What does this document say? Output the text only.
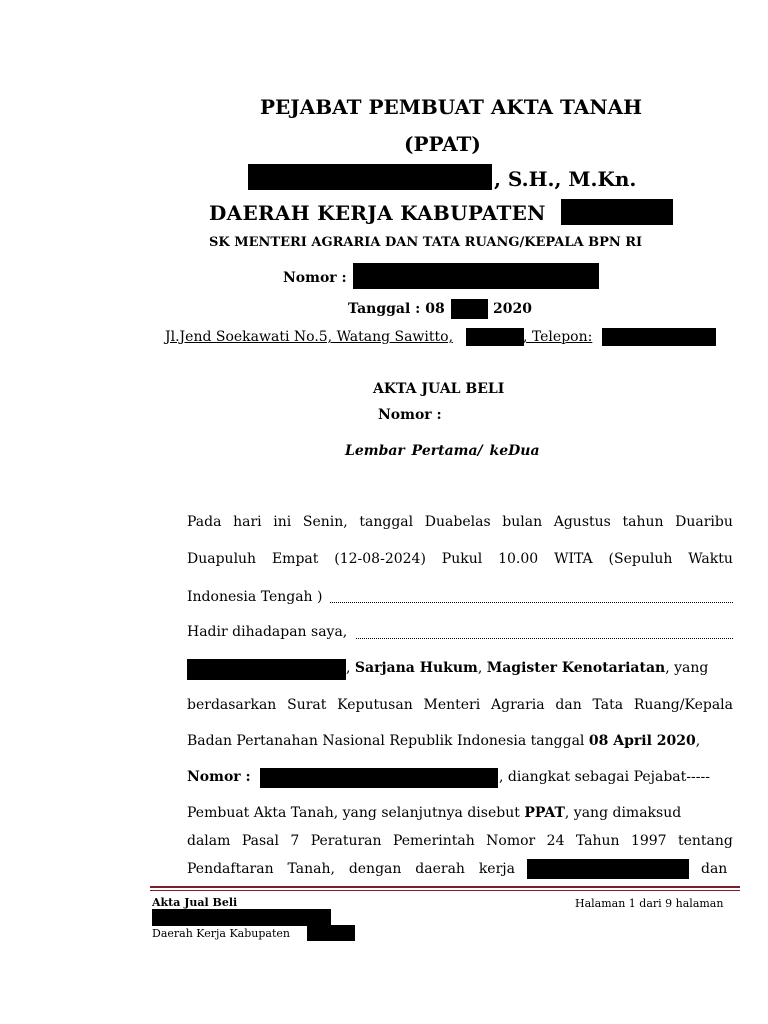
PEJABAT PEMBUAT AKTA TANAH
(PPAT)
, S.H., M.Kn.
DAERAH KERJA KABUPATEN
SK MENTERI AGRARIA DAN TATA RUANG/KEPALA BPN RI
Nomor :
Tanggal : 08	2020
Jl.Jend Soekawati No.5, Watang Sawitto,	, Telepon:
AKTA JUAL BELI
Nomor :
Lembar Pertama/ keDua
Pada hari ini Senin, tanggal Duabelas bulan Agustus tahun Duaribu
Duapuluh Empat (12-08-2024) Pukul 10.00 WITA (Sepuluh Waktu
Indonesia Tengah )
Hadir dihadapan saya,
, Sarjana Hukum, Magister Kenotariatan, yang
berdasarkan Surat Keputusan Menteri Agraria dan Tata Ruang/Kepala
Badan Pertanahan Nasional Republik Indonesia tanggal 08 April 2020,
Nomor :	, diangkat sebagai Pejabat-----
Pembuat Akta Tanah, yang selanjutnya disebut PPAT, yang dimaksud
dalam Pasal 7 Peraturan Pemerintah Nomor 24 Tahun 1997 tentang
Pendaftaran Tanah, dengan daerah kerja	dan
Akta Jual Beli	Halaman 1 dari 9 halaman
Daerah Kerja Kabupaten
